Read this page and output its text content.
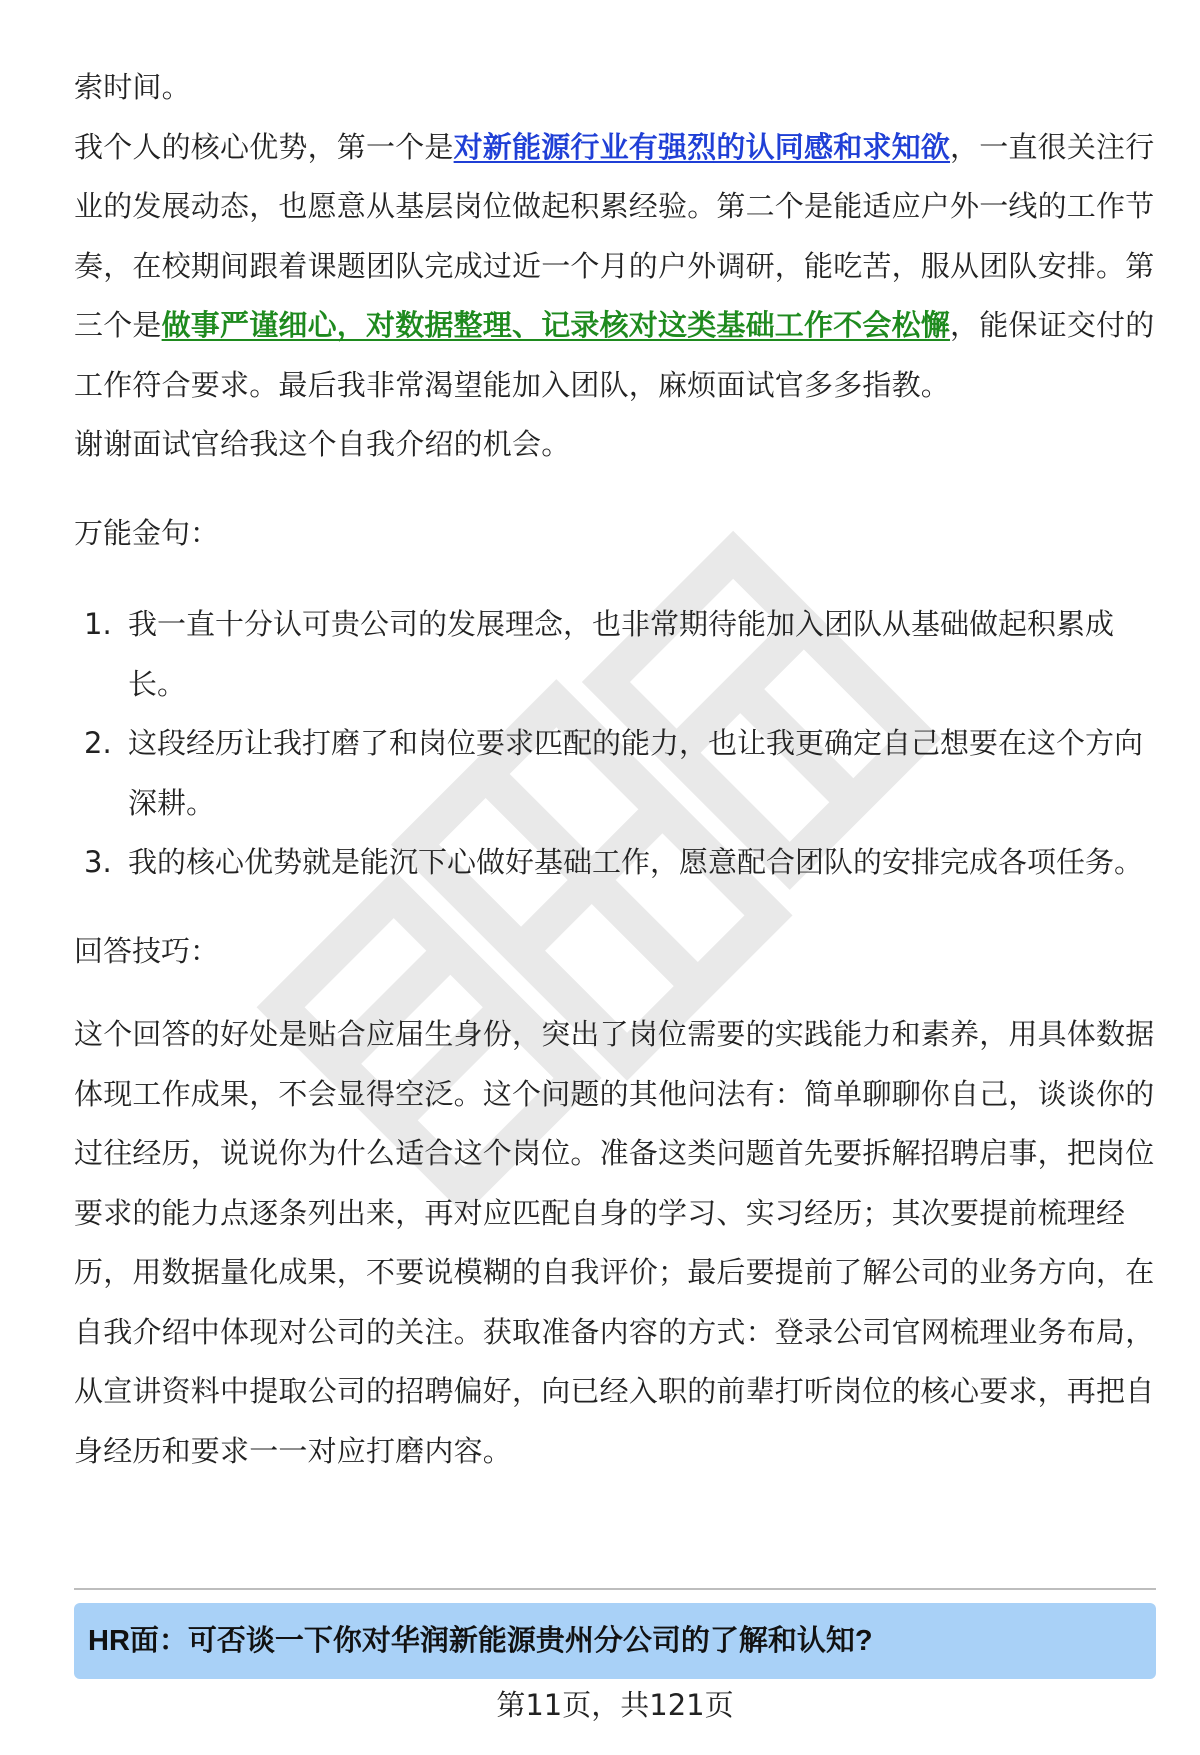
索时间。

我个人的核心优势，第一个是对新能源行业有强烈的认同感和求知欲，一直很关注行业的发展动态，也愿意从基层岗位做起积累经验。第二个是能适应户外一线的工作节奏，在校期间跟着课题团队完成过近一个月的户外调研，能吃苦，服从团队安排。第三个是做事严谨细心，对数据整理、记录核对这类基础工作不会松懈，能保证交付的工作符合要求。最后我非常渴望能加入团队，麻烦面试官多多指教。

谢谢面试官给我这个自我介绍的机会。

万能金句：

1. 我一直十分认可贵公司的发展理念，也非常期待能加入团队从基础做起积累成长。
2. 这段经历让我打磨了和岗位要求匹配的能力，也让我更确定自己想要在这个方向深耕。
3. 我的核心优势就是能沉下心做好基础工作，愿意配合团队的安排完成各项任务。

回答技巧：

这个回答的好处是贴合应届生身份，突出了岗位需要的实践能力和素养，用具体数据体现工作成果，不会显得空泛。这个问题的其他问法有：简单聊聊你自己，谈谈你的过往经历，说说你为什么适合这个岗位。准备这类问题首先要拆解招聘启事，把岗位要求的能力点逐条列出来，再对应匹配自身的学习、实习经历；其次要提前梳理经历，用数据量化成果，不要说模糊的自我评价；最后要提前了解公司的业务方向，在自我介绍中体现对公司的关注。获取准备内容的方式：登录公司官网梳理业务布局，从宣讲资料中提取公司的招聘偏好，向已经入职的前辈打听岗位的核心要求，再把自身经历和要求一一对应打磨内容。

HR面：可否谈一下你对华润新能源贵州分公司的了解和认知?
第11页，共121页
